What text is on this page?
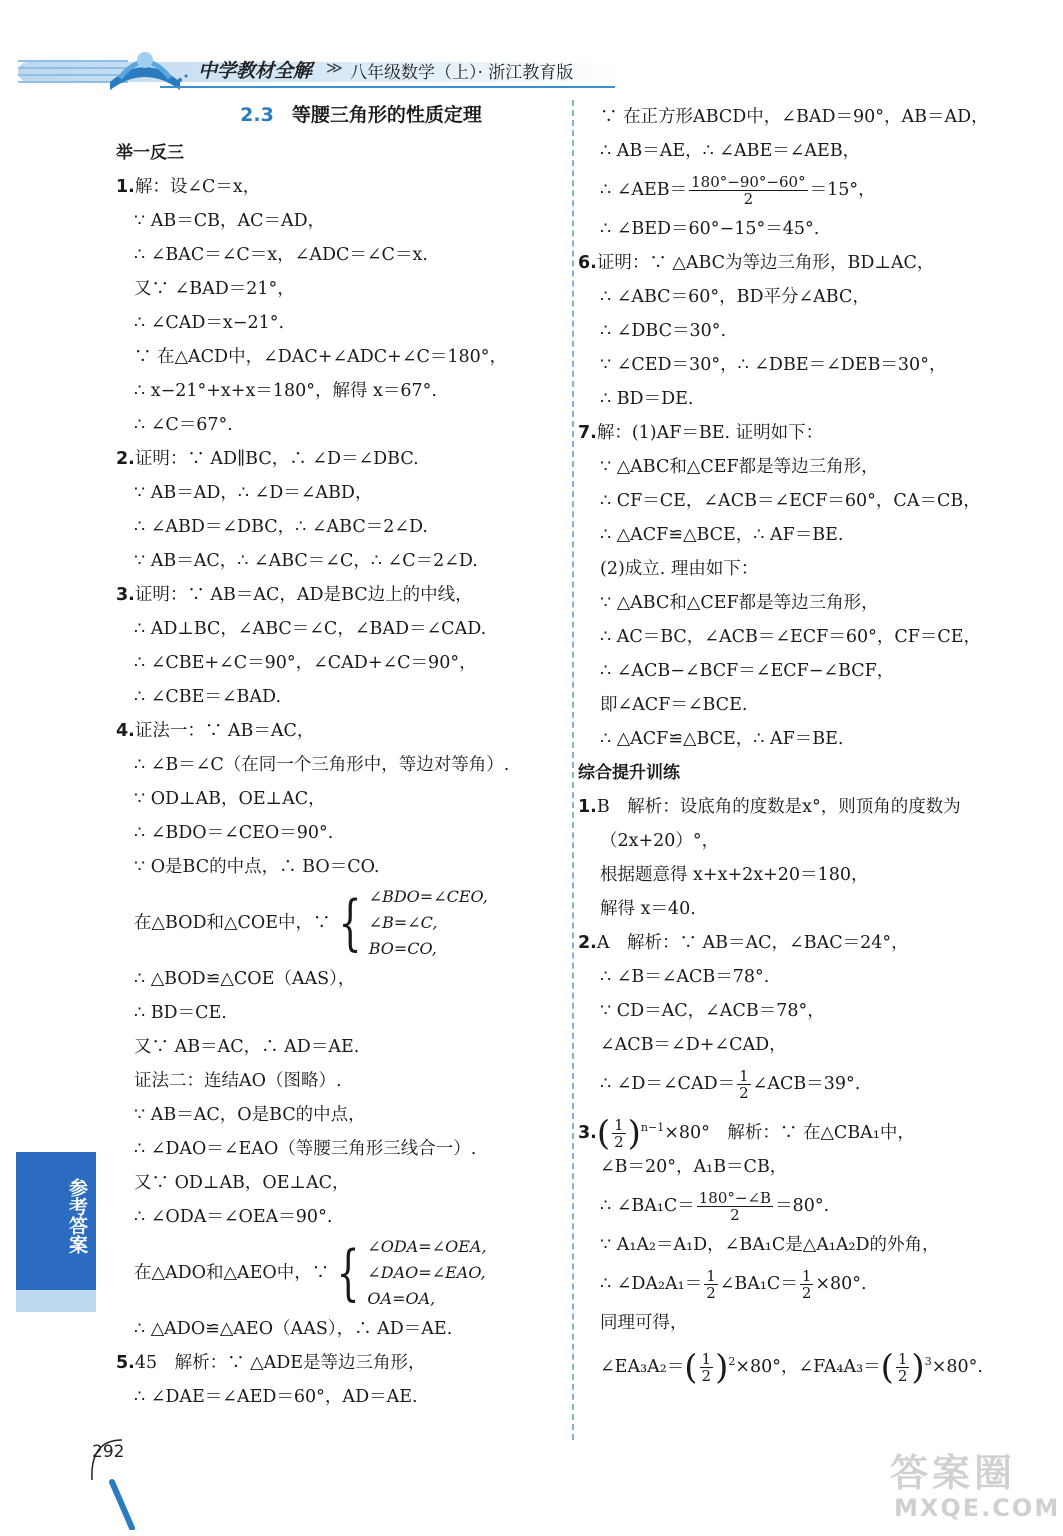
中学教材全解 ≫ 八年级数学（上）· 浙江教育版
2.3 等腰三角形的性质定理
举一反三
1.解：设∠C＝x，
∵ AB＝CB，AC＝AD，
∴ ∠BAC＝∠C＝x，∠ADC＝∠C＝x.
又∵ ∠BAD＝21°，
∴ ∠CAD＝x−21°.
∵ 在△ACD中，∠DAC+∠ADC+∠C＝180°，
∴ x−21°+x+x＝180°，解得 x＝67°.
∴ ∠C＝67°.
2.证明：∵ AD∥BC，∴ ∠D＝∠DBC.
∵ AB＝AD，∴ ∠D＝∠ABD，
∴ ∠ABD＝∠DBC，∴ ∠ABC＝2∠D.
∵ AB＝AC，∴ ∠ABC＝∠C，∴ ∠C＝2∠D.
3.证明：∵ AB＝AC，AD是BC边上的中线，
∴ AD⊥BC，∠ABC＝∠C，∠BAD＝∠CAD.
∴ ∠CBE+∠C＝90°，∠CAD+∠C＝90°，
∴ ∠CBE＝∠BAD.
4.证法一：∵ AB＝AC，
∴ ∠B＝∠C（在同一个三角形中，等边对等角）.
∵ OD⊥AB，OE⊥AC，
∴ ∠BDO＝∠CEO＝90°.
∵ O是BC的中点，∴ BO＝CO.
在△BOD和△COE中，∵ { ∠BDO=∠CEO,
∠B=∠C,
BO=CO,
∴ △BOD≌△COE（AAS），
∴ BD＝CE.
又∵ AB＝AC，∴ AD＝AE.
证法二：连结AO（图略）.
∵ AB＝AC，O是BC的中点，
∴ ∠DAO＝∠EAO（等腰三角形三线合一）.
又∵ OD⊥AB，OE⊥AC，
∴ ∠ODA＝∠OEA＝90°.
在△ADO和△AEO中，∵ { ∠ODA=∠OEA,
∠DAO=∠EAO,
OA=OA,
∴ △ADO≌△AEO（AAS），∴ AD＝AE.
5.45　解析：∵ △ADE是等边三角形，
∴ ∠DAE＝∠AED＝60°，AD＝AE.
∵ 在正方形ABCD中，∠BAD＝90°，AB＝AD，
∴ AB＝AE，∴ ∠ABE＝∠AEB，
∴ ∠AEB＝ $\frac{180^\circ-90^\circ-60^\circ}{2} =15^\circ$，
∴ ∠BED＝60°−15°＝45°.
6.证明：∵ △ABC为等边三角形，BD⊥AC，
∴ ∠ABC＝60°，BD平分∠ABC，
∴ ∠DBC＝30°.
∵ ∠CED＝30°，∴ ∠DBE＝∠DEB＝30°，
∴ BD＝DE.
7.解：(1)AF＝BE. 证明如下：
∵ △ABC和△CEF都是等边三角形，
∴ CF＝CE，∠ACB＝∠ECF＝60°，CA＝CB，
∴ △ACF≌△BCE，∴ AF＝BE.
(2)成立. 理由如下：
∵ △ABC和△CEF都是等边三角形，
∴ AC＝BC，∠ACB＝∠ECF＝60°，CF＝CE，
∴ ∠ACB−∠BCF＝∠ECF−∠BCF，
即∠ACF＝∠BCE.
∴ △ACF≌△BCE，∴ AF＝BE.
综合提升训练
1.B　解析：设底角的度数是x°，则顶角的度数为
（2x+20）°，
根据题意得 x+x+2x+20＝180，
解得 x＝40.
2.A　解析：∵ AB＝AC，∠BAC＝24°，
∴ ∠B＝∠ACB＝78°.
∵ CD＝AC，∠ACB＝78°，
∠ACB＝∠D+∠CAD，
∴ ∠D＝∠CAD＝ $\frac{1}{2}$ ∠ACB＝39°.
$3.( \frac{1}{2} )^{n-1}\times 80^\circ$　解析：∵ 在△CBA₁中，
∠B＝20°，A₁B＝CB，
∴ ∠BA₁C＝ $\frac{180^\circ-\angle B}{2} =80^\circ$.
∵ A₁A₂＝A₁D，∠BA₁C是△A₁A₂D的外角，
∴ ∠DA₂A₁＝ $\frac{1}{2}$ ∠BA₁C＝ $\frac{1}{2} \times 80^\circ$.
同理可得，
∠EA₃A₂＝( $\frac{1}{2} )^2\times 80^\circ$，∠FA₄A₃＝( $\frac{1}{2} )^3\times 80^\circ$.
参考答案
292	答案圈
MXQE.COM
